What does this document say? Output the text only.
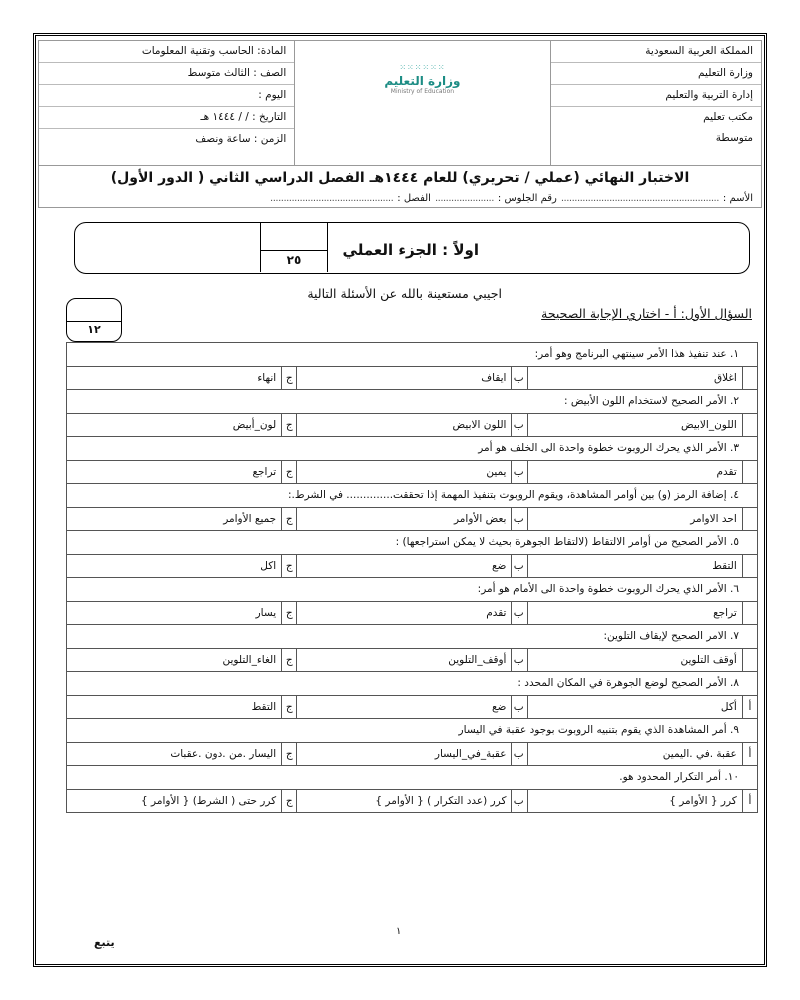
المملكة العربية السعودية
وزارة التعليم
إدارة التربية والتعليم
مكتب تعليم
متوسطة
⁙⁙⁙⁙⁙⁙
وزارة التعليم
Ministry of Education
المادة: الحاسب وتقنية المعلومات
الصف : الثالث متوسط
اليوم :
التاريخ : / / ١٤٤٤ هـ
الزمن : ساعة ونصف
الاختبار النهائي (عملي / تحريري) للعام ١٤٤٤هـ الفصل الدراسي الثاني ( الدور الأول)
الأسم :
...........................................................
رقم الجلوس :
......................
الفصل :
..............................................
اولاً : الجزء العملي
٢٥
اجيبي مستعينة بالله عن الأسئلة التالية
السؤال الأول: أ - اختاري الإجابة الصحيحة
١٢
١. عند تنفيذ هذا الأمر سينتهي البرنامج وهو أمر:					
	اغلاق	ب	ايقاف	ج	انهاء
٢. الأمر الصحيح لاستخدام اللون الأبيض :					
	اللون_الابيض	ب	اللون الابيض	ج	لون_أبيض
٣. الأمر الذي يحرك الروبوت خطوة واحدة الى الخلف هو أمر					
	تقدم	ب	يمين	ج	تراجع
٤. إضافة الرمز (و) بين أوامر المشاهدة، ويقوم الروبوت بتنفيذ المهمة إذا تحققت.............. في الشرط.:					
	احد الاوامر	ب	بعض الأوامر	ج	جميع الأوامر
٥. الأمر الصحيح من أوامر الالتقاط (لالتقاط الجوهرة بحيث لا يمكن استراجعها) :					
	التقط	ب	ضع	ج	اكل
٦. الأمر الذي يحرك الروبوت خطوة واحدة الى الأمام هو أمر:					
	تراجع	ب	تقدم	ج	يسار
٧. الامر الصحيح لإيقاف التلوين:					
	أوقف التلوين	ب	أوقف_التلوين	ج	الغاء_التلوين
٨. الأمر الصحيح لوضع الجوهرة في المكان المحدد :					
أ	أكل	ب	ضع	ج	التقط
٩. أمر المشاهدة الذي يقوم بتنبيه الروبوت بوجود عقبة في اليسار					
أ	عقبة .في .اليمين	ب	عقبة_في_اليسار	ج	اليسار .من .دون .عقبات
١٠. أمر التكرار المحدود هو.					
أ	كرر { الأوامر }	ب	كرر (عدد التكرار ) { الأوامر }	ج	كرر حتى ( الشرط) { الأوامر }
١
يتبع
